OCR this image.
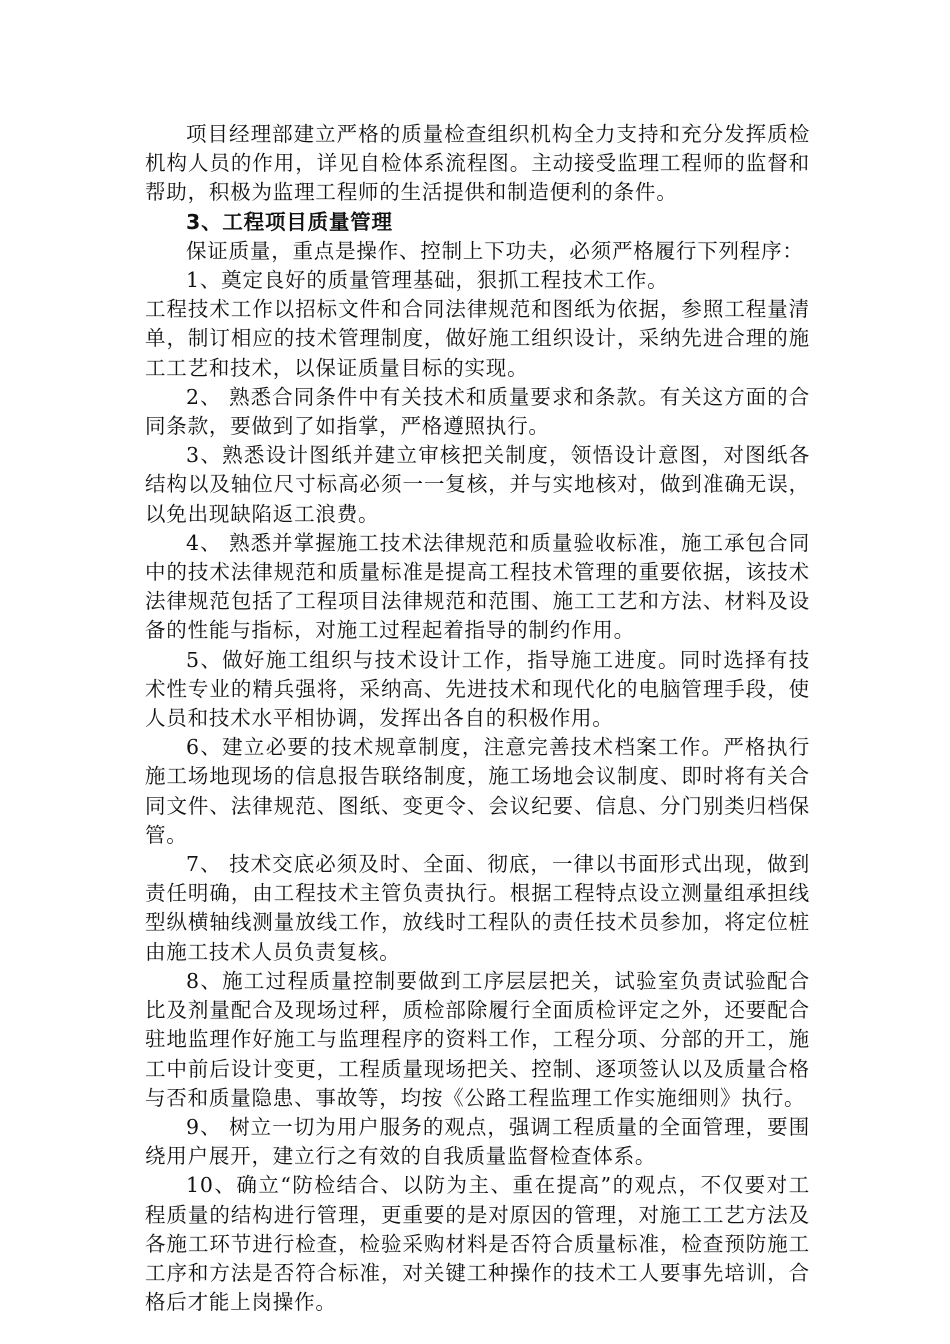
项目经理部建立严格的质量检查组织机构全力支持和充分发挥质检机构人员的作用，详见自检体系流程图。主动接受监理工程师的监督和帮助，积极为监理工程师的生活提供和制造便利的条件。

3、工程项目质量管理

保证质量，重点是操作、控制上下功夫，必须严格履行下列程序：

1、奠定良好的质量管理基础，狠抓工程技术工作。

工程技术工作以招标文件和合同法律规范和图纸为依据，参照工程量清单，制订相应的技术管理制度，做好施工组织设计，采纳先进合理的施工工艺和技术，以保证质量目标的实现。

2、 熟悉合同条件中有关技术和质量要求和条款。有关这方面的合同条款，要做到了如指掌，严格遵照执行。

3、熟悉设计图纸并建立审核把关制度，领悟设计意图，对图纸各结构以及轴位尺寸标高必须一一复核，并与实地核对，做到准确无误，以免出现缺陷返工浪费。

4、 熟悉并掌握施工技术法律规范和质量验收标准，施工承包合同中的技术法律规范和质量标准是提高工程技术管理的重要依据，该技术法律规范包括了工程项目法律规范和范围、施工工艺和方法、材料及设备的性能与指标，对施工过程起着指导的制约作用。

5、做好施工组织与技术设计工作，指导施工进度。同时选择有技术性专业的精兵强将，采纳高、先进技术和现代化的电脑管理手段，使人员和技术水平相协调，发挥出各自的积极作用。

6、建立必要的技术规章制度，注意完善技术档案工作。严格执行施工场地现场的信息报告联络制度，施工场地会议制度、即时将有关合同文件、法律规范、图纸、变更令、会议纪要、信息、分门别类归档保管。

7、 技术交底必须及时、全面、彻底，一律以书面形式出现，做到责任明确，由工程技术主管负责执行。根据工程特点设立测量组承担线型纵横轴线测量放线工作，放线时工程队的责任技术员参加，将定位桩由施工技术人员负责复核。

8、施工过程质量控制要做到工序层层把关，试验室负责试验配合比及剂量配合及现场过秤，质检部除履行全面质检评定之外，还要配合驻地监理作好施工与监理程序的资料工作，工程分项、分部的开工，施工中前后设计变更，工程质量现场把关、控制、逐项签认以及质量合格与否和质量隐患、事故等，均按《公路工程监理工作实施细则》执行。

9、 树立一切为用户服务的观点，强调工程质量的全面管理，要围绕用户展开，建立行之有效的自我质量监督检查体系。

10、确立“防检结合、以防为主、重在提高”的观点，不仅要对工程质量的结构进行管理，更重要的是对原因的管理，对施工工艺方法及各施工环节进行检查，检验采购材料是否符合质量标准，检查预防施工工序和方法是否符合标准，对关键工种操作的技术工人要事先培训，合格后才能上岗操作。
